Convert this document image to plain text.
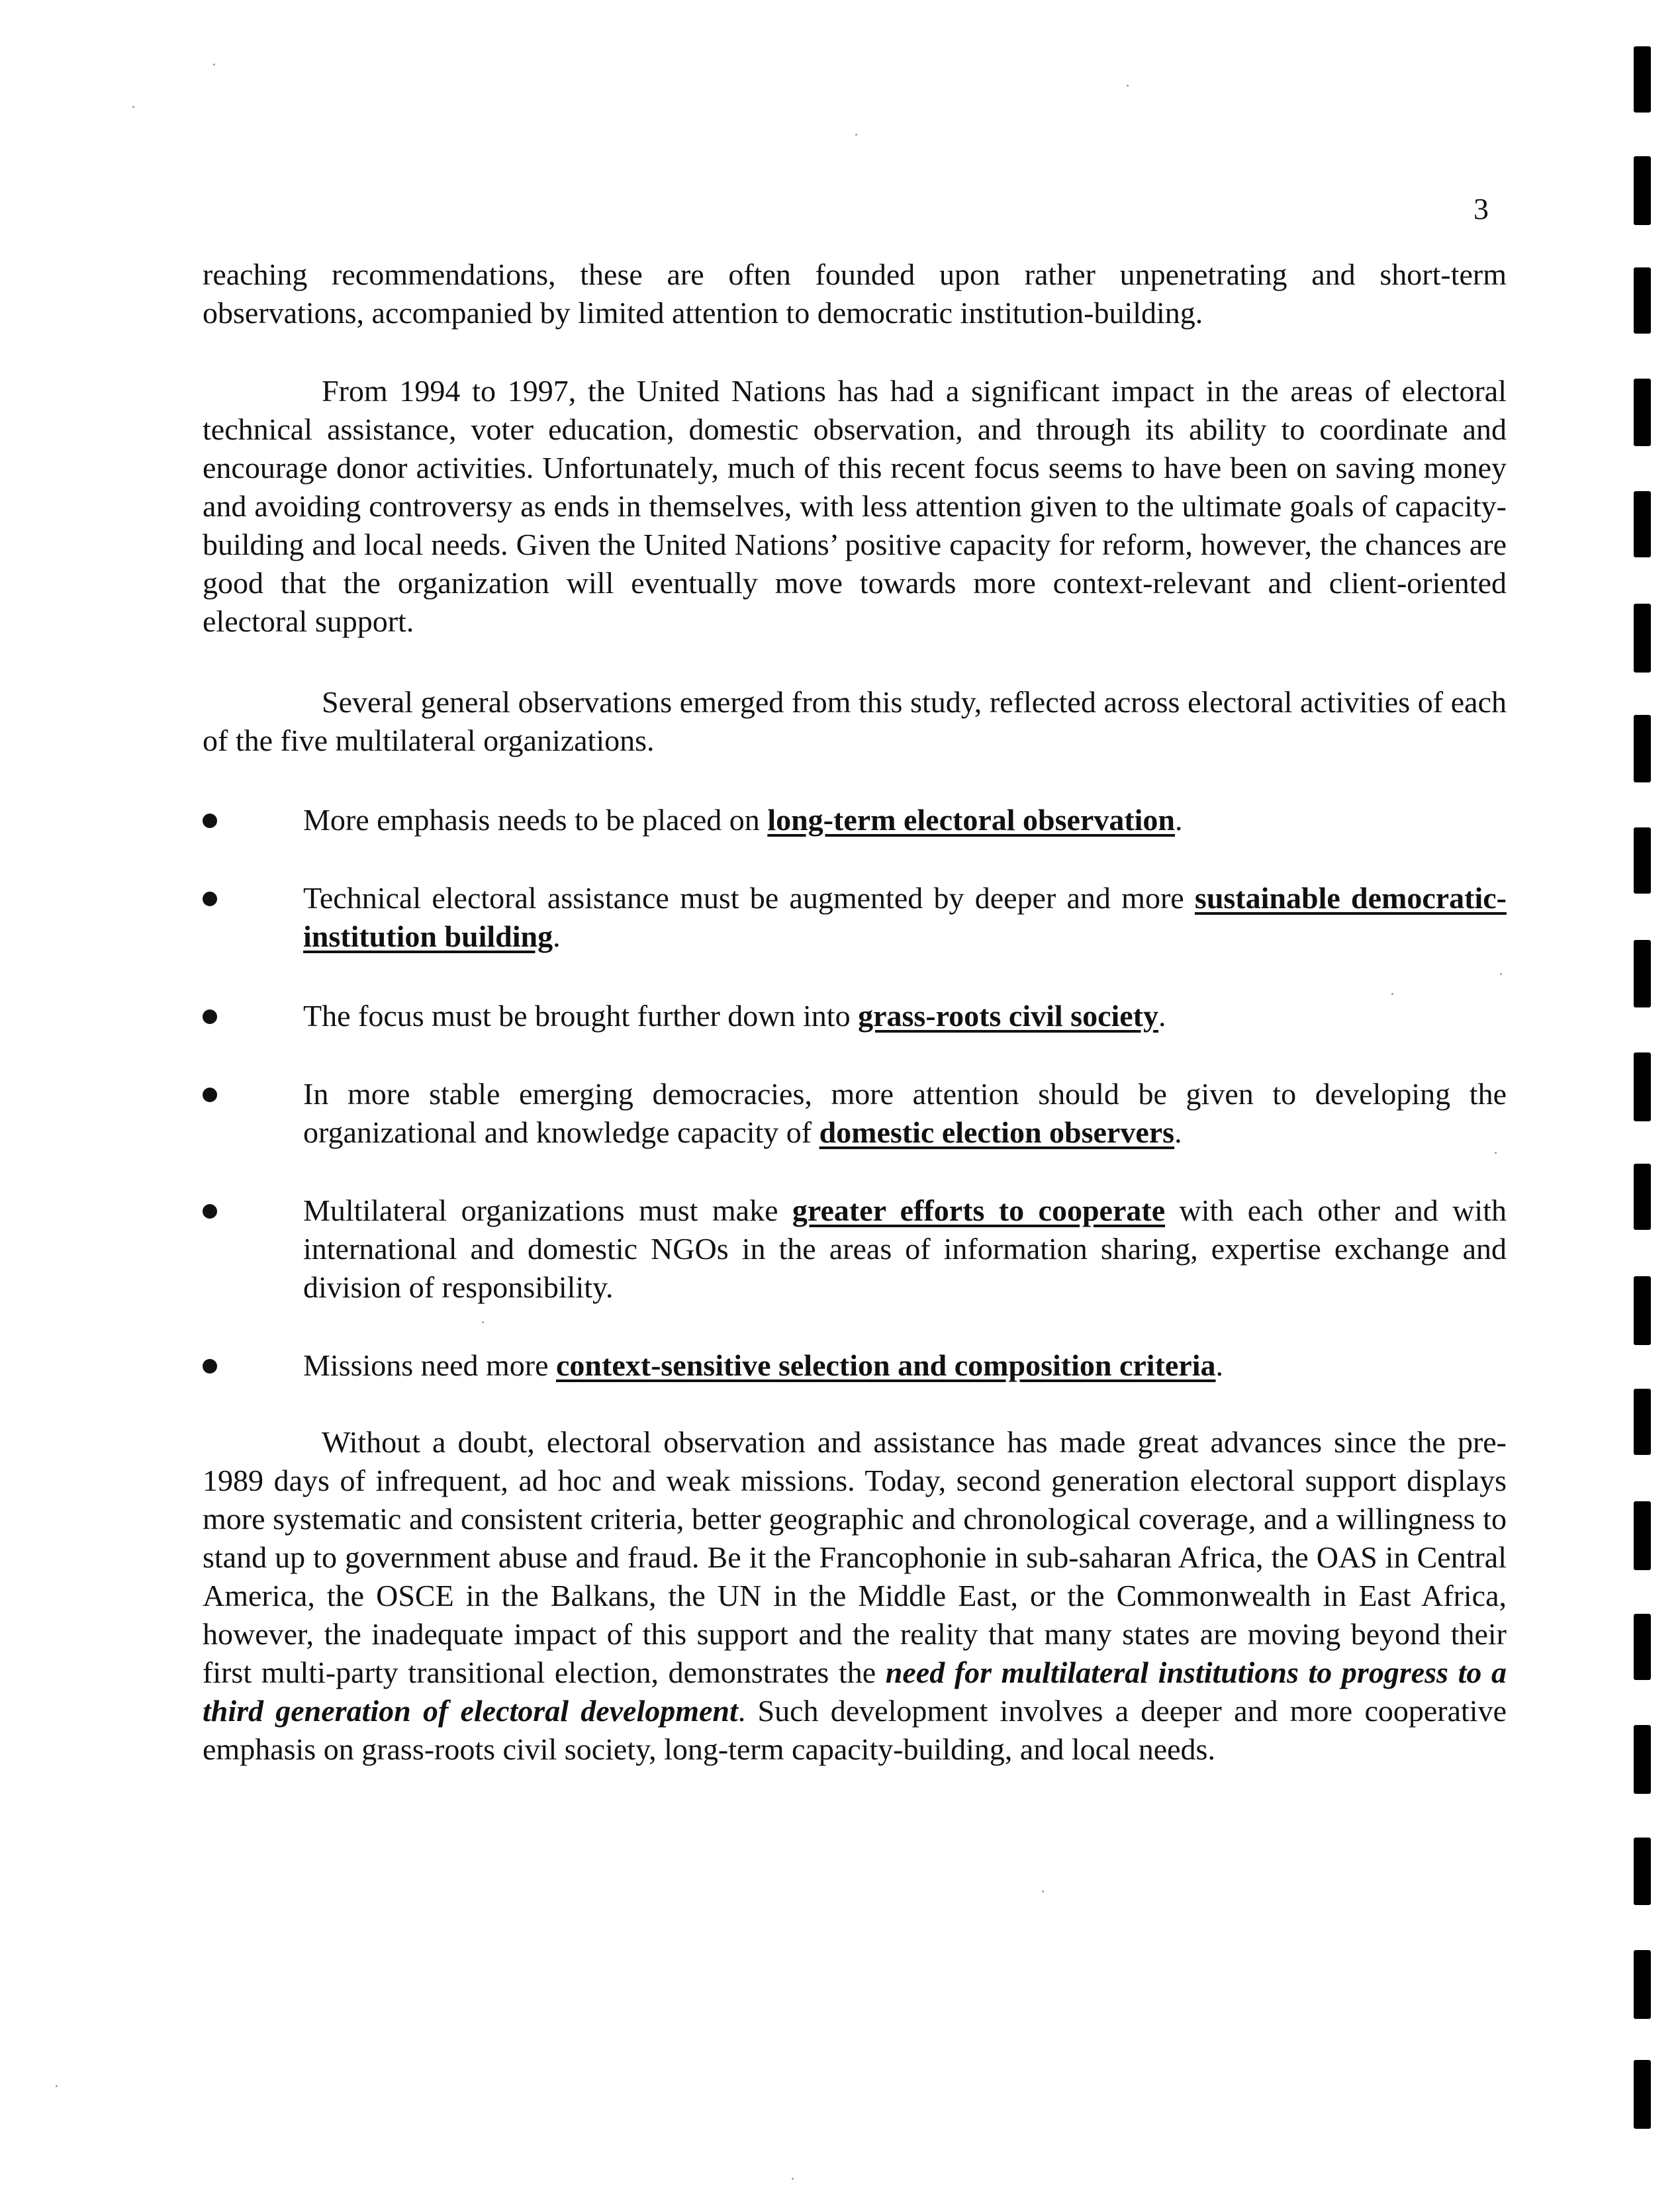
3

reaching recommendations, these are often founded upon rather unpenetrating and short-term observations, accompanied by limited attention to democratic institution-building.

From 1994 to 1997, the United Nations has had a significant impact in the areas of electoral technical assistance, voter education, domestic observation, and through its ability to coordinate and encourage donor activities. Unfortunately, much of this recent focus seems to have been on saving money and avoiding controversy as ends in themselves, with less attention given to the ultimate goals of capacity-building and local needs. Given the United Nations’ positive capacity for reform, however, the chances are good that the organization will eventually move towards more context-relevant and client-oriented electoral support.

Several general observations emerged from this study, reflected across electoral activities of each of the five multilateral organizations.

More emphasis needs to be placed on long-term electoral observation.
Technical electoral assistance must be augmented by deeper and more sustainable democratic-institution building.
The focus must be brought further down into grass-roots civil society.
In more stable emerging democracies, more attention should be given to developing the organizational and knowledge capacity of domestic election observers.
Multilateral organizations must make greater efforts to cooperate with each other and with international and domestic NGOs in the areas of information sharing, expertise exchange and division of responsibility.
Missions need more context-sensitive selection and composition criteria.

Without a doubt, electoral observation and assistance has made great advances since the pre-1989 days of infrequent, ad hoc and weak missions. Today, second generation electoral support displays more systematic and consistent criteria, better geographic and chronological coverage, and a willingness to stand up to government abuse and fraud. Be it the Francophonie in sub-saharan Africa, the OAS in Central America, the OSCE in the Balkans, the UN in the Middle East, or the Commonwealth in East Africa, however, the inadequate impact of this support and the reality that many states are moving beyond their first multi-party transitional election, demonstrates the need for multilateral institutions to progress to a third generation of electoral development. Such development involves a deeper and more cooperative emphasis on grass-roots civil society, long-term capacity-building, and local needs.
